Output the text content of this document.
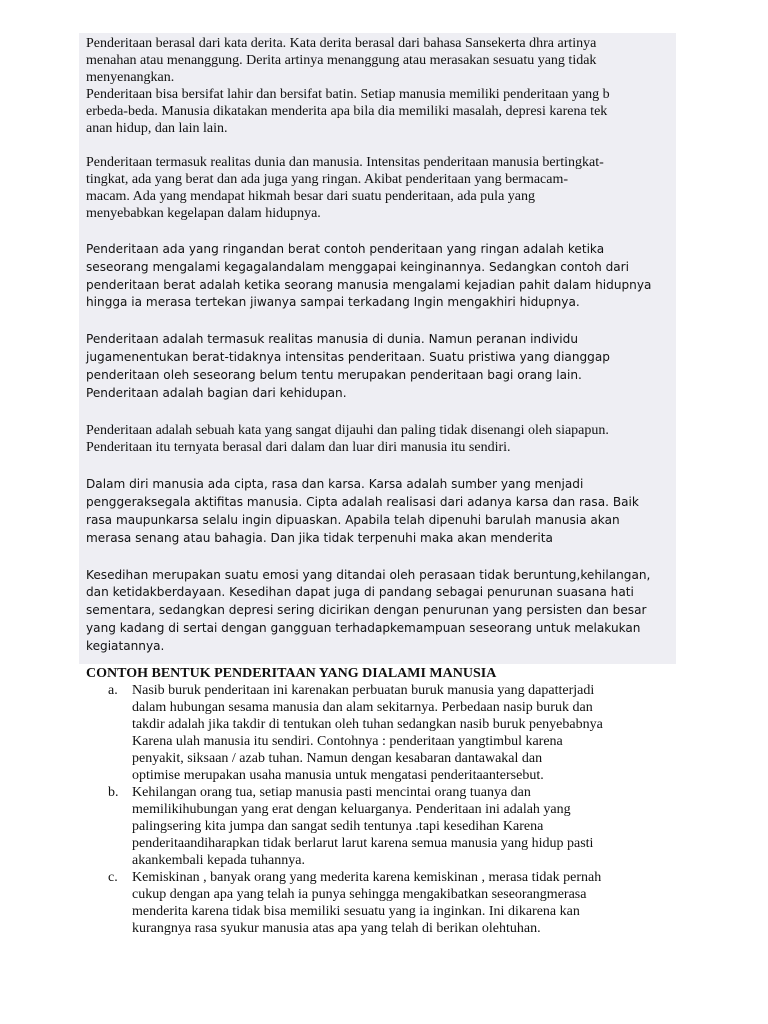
Penderitaan berasal dari kata derita. Kata derita berasal dari bahasa Sansekerta dhra artinya
menahan atau menanggung. Derita artinya menanggung atau merasakan sesuatu yang tidak
menyenangkan.

Penderitaan bisa bersifat lahir dan bersifat batin. Setiap manusia memiliki penderitaan yang b
erbeda-beda. Manusia dikatakan menderita apa bila dia memiliki masalah, depresi karena tek
anan hidup, dan lain lain.

Penderitaan termasuk realitas dunia dan manusia. Intensitas penderitaan manusia bertingkat-
tingkat, ada yang berat dan ada juga yang ringan. Akibat penderitaan yang bermacam-
macam. Ada yang mendapat hikmah besar dari suatu penderitaan, ada pula yang
menyebabkan kegelapan dalam hidupnya.

Penderitaan ada yang ringandan berat contoh penderitaan yang ringan adalah ketika
seseorang mengalami kegagalandalam menggapai keinginannya. Sedangkan contoh dari
penderitaan berat adalah ketika seorang manusia mengalami kejadian pahit dalam hidupnya
hingga ia merasa tertekan jiwanya sampai terkadang Ingin mengakhiri hidupnya.

Penderitaan adalah termasuk realitas manusia di dunia. Namun peranan individu
jugamenentukan berat-tidaknya intensitas penderitaan. Suatu pristiwa yang dianggap
penderitaan oleh seseorang belum tentu merupakan penderitaan bagi orang lain.
Penderitaan adalah bagian dari kehidupan.

Penderitaan adalah sebuah kata yang sangat dijauhi dan paling tidak disenangi oleh siapapun.
Penderitaan itu ternyata berasal dari dalam dan luar diri manusia itu sendiri.

Dalam diri manusia ada cipta, rasa dan karsa. Karsa adalah sumber yang menjadi
penggeraksegala aktifitas manusia. Cipta adalah realisasi dari adanya karsa dan rasa. Baik
rasa maupunkarsa selalu ingin dipuaskan. Apabila telah dipenuhi barulah manusia akan
merasa senang atau bahagia. Dan jika tidak terpenuhi maka akan menderita

Kesedihan merupakan suatu emosi yang ditandai oleh perasaan tidak beruntung,kehilangan,
dan ketidakberdayaan. Kesedihan dapat juga di pandang sebagai penurunan suasana hati
sementara, sedangkan depresi sering dicirikan dengan penurunan yang persisten dan besar
yang kadang di sertai dengan gangguan terhadapkemampuan seseorang untuk melakukan
kegiatannya.

CONTOH BENTUK PENDERITAAN YANG DIALAMI MANUSIA

a. Nasib buruk penderitaan ini karenakan perbuatan buruk manusia yang dapatterjadi
dalam hubungan sesama manusia dan alam sekitarnya. Perbedaan nasip buruk dan
takdir adalah jika takdir di tentukan oleh tuhan sedangkan nasib buruk penyebabnya
Karena ulah manusia itu sendiri. Contohnya : penderitaan yangtimbul karena
penyakit, siksaan / azab tuhan. Namun dengan kesabaran dantawakal dan
optimise merupakan usaha manusia untuk mengatasi penderitaantersebut.
b. Kehilangan orang tua, setiap manusia pasti mencintai orang tuanya dan
memilikihubungan yang erat dengan keluarganya. Penderitaan ini adalah yang
palingsering kita jumpa dan sangat sedih tentunya .tapi kesedihan Karena
penderitaandiharapkan tidak berlarut larut karena semua manusia yang hidup pasti
akankembali kepada tuhannya.
c. Kemiskinan , banyak orang yang mederita karena kemiskinan , merasa tidak pernah
cukup dengan apa yang telah ia punya sehingga mengakibatkan seseorangmerasa
menderita karena tidak bisa memiliki sesuatu yang ia inginkan. Ini dikarena kan
kurangnya rasa syukur manusia atas apa yang telah di berikan olehtuhan.
